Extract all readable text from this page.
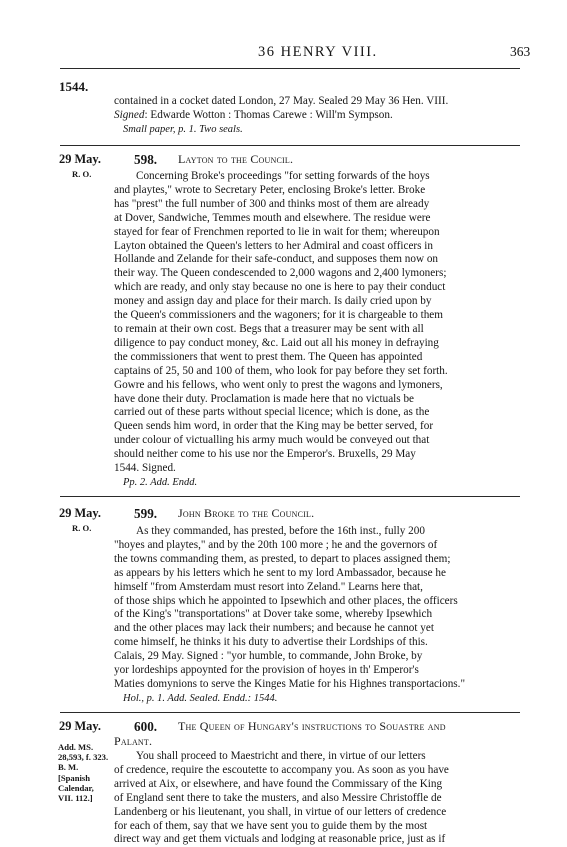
36 HENRY VIII.	363
1544.
contained in a cocket dated London, 27 May. Sealed 29 May 36 Hen. VIII.
Signed: Edwarde Wotton : Thomas Carewe : Will'm Sympson.
Small paper, p. 1. Two seals.
29 May.	598. Layton to the Council.
R. O.	Concerning Broke's proceedings "for setting forwards of the hoys
and playtes," wrote to Secretary Peter, enclosing Broke's letter. Broke
has "prest" the full number of 300 and thinks most of them are already
at Dover, Sandwiche, Temmes mouth and elsewhere. The residue were
stayed for fear of Frenchmen reported to lie in wait for them; whereupon
Layton obtained the Queen's letters to her Admiral and coast officers in
Hollande and Zelande for their safe-conduct, and supposes them now on
their way. The Queen condescended to 2,000 wagons and 2,400 lymoners;
which are ready, and only stay because no one is here to pay their conduct
money and assign day and place for their march. Is daily cried upon by
the Queen's commissioners and the wagoners; for it is chargeable to them
to remain at their own cost. Begs that a treasurer may be sent with all
diligence to pay conduct money, &c. Laid out all his money in defraying
the commissioners that went to prest them. The Queen has appointed
captains of 25, 50 and 100 of them, who look for pay before they set forth.
Gowre and his fellows, who went only to prest the wagons and lymoners,
have done their duty. Proclamation is made here that no victuals be
carried out of these parts without special licence; which is done, as the
Queen sends him word, in order that the King may be better served, for
under colour of victualling his army much would be conveyed out that
should neither come to his use nor the Emperor's. Bruxells, 29 May
1544. Signed.
Pp. 2. Add. Endd.
29 May.	599. John Broke to the Council.
R. O.	As they commanded, has prested, before the 16th inst., fully 200
"hoyes and playtes," and by the 20th 100 more ; he and the governors of
the towns commanding them, as prested, to depart to places assigned them;
as appears by his letters which he sent to my lord Ambassador, because he
himself "from Amsterdam must resort into Zeland." Learns here that,
of those ships which he appointed to Ipsewhich and other places, the officers
of the King's "transportations" at Dover take some, whereby Ipsewhich
and the other places may lack their numbers; and because he cannot yet
come himself, he thinks it his duty to advertise their Lordships of this.
Calais, 29 May. Signed : "yor humble, to commande, John Broke, by
yor lordeships appoynted for the provision of hoyes in th' Emperor's
Maties domynions to serve the Kinges Matie for his Highnes transportacions."
Hol., p. 1. Add. Sealed. Endd.: 1544.
29 May.	600. The Queen of Hungary's instructions to Souastre and
Palant.
Add. MS.
28,593, f. 323.
B. M.
[Spanish
Calendar,
VII. 112.]
You shall proceed to Maestricht and there, in virtue of our letters
of credence, require the escoutette to accompany you. As soon as you have
arrived at Aix, or elsewhere, and have found the Commissary of the King
of England sent there to take the musters, and also Messire Christoffle de
Landenberg or his lieutenant, you shall, in virtue of our letters of credence
for each of them, say that we have sent you to guide them by the most
direct way and get them victuals and lodging at reasonable price, just as if
